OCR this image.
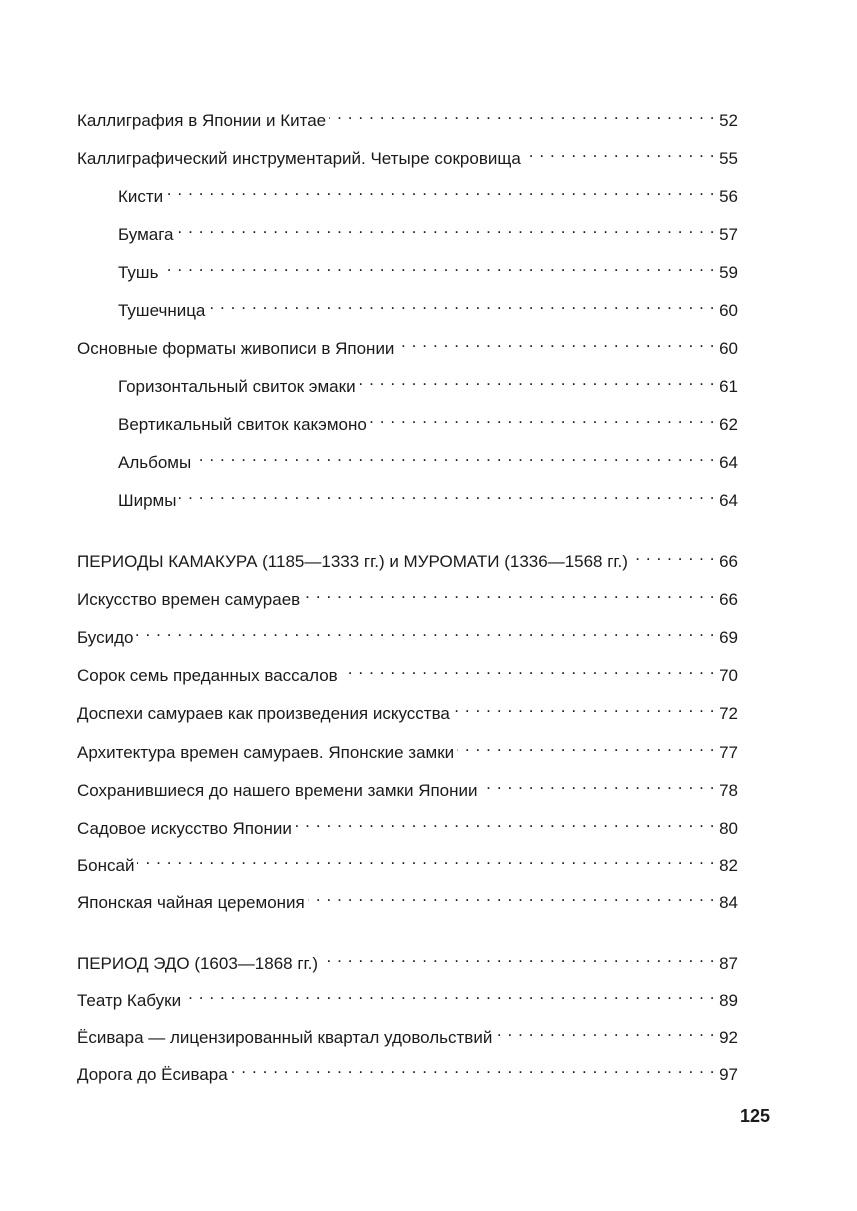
Каллиграфия в Японии и Китае . . .	52
Каллиграфический инструментарий. Четыре сокровища . . .	55
Кисти . . .	56
Бумага . . .	57
Тушь . . .	59
Тушечница . . .	60
Основные форматы живописи в Японии . . .	60
Горизонтальный свиток эмаки . . .	61
Вертикальный свиток какэмоно . . .	62
Альбомы . . .	64
Ширмы . . .	64
ПЕРИОДЫ КАМАКУРА (1185—1333 гг.) и МУРОМАТИ (1336—1568 гг.) . . .	66
Искусство времен самураев . . .	66
Бусидо . . .	69
Сорок семь преданных вассалов . . .	70
Доспехи самураев как произведения искусства . . .	72
Архитектура времен самураев. Японские замки . . .	77
Сохранившиеся до нашего времени замки Японии . . .	78
Садовое искусство Японии . . .	80
Бонсай . . .	82
Японская чайная церемония . . .	84
ПЕРИОД ЭДО (1603—1868 гг.) . . .	87
Театр Кабуки . . .	89
Ёсивара — лицензированный квартал удовольствий . . .	92
Дорога до Ёсивара . . .	97
125
